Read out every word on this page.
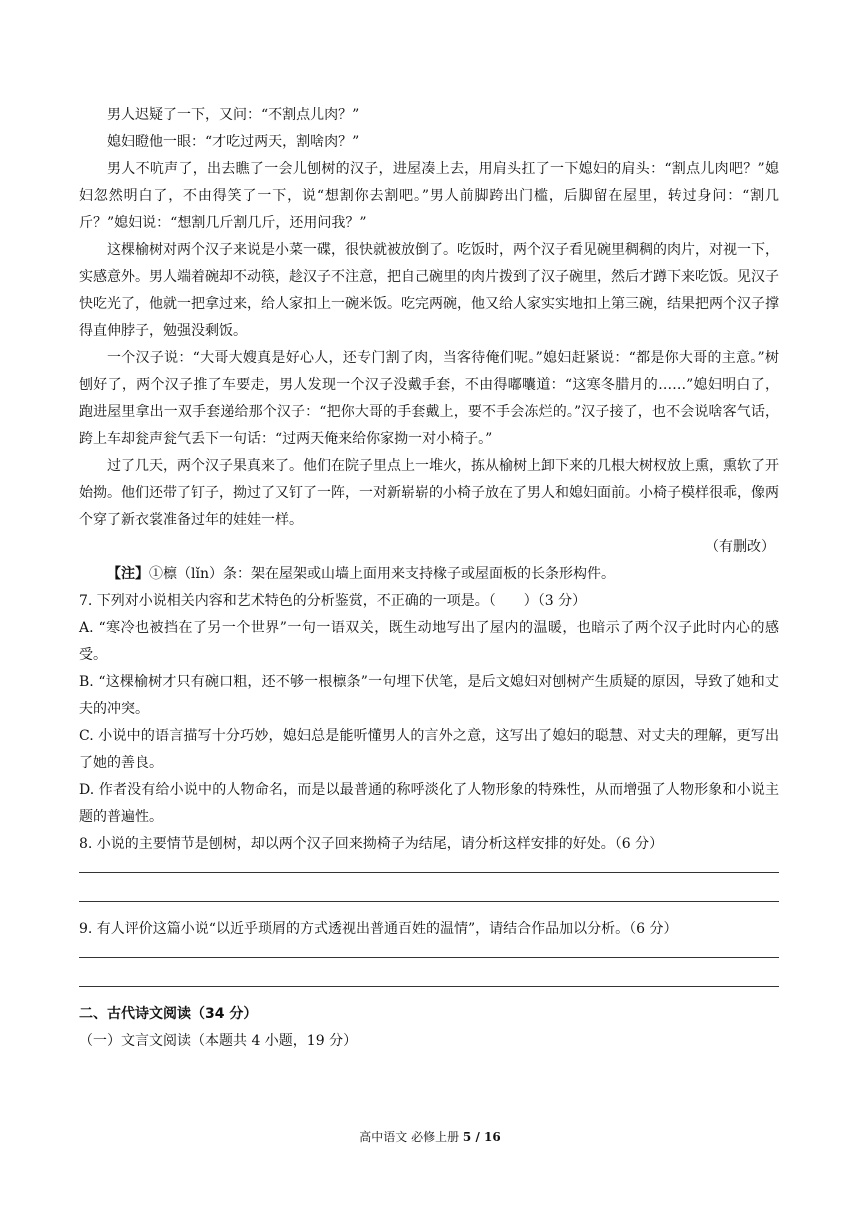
男人迟疑了一下，又问：“不割点儿肉？”

媳妇瞪他一眼：“才吃过两天，割啥肉？”

男人不吭声了，出去瞧了一会儿刨树的汉子，进屋凑上去，用肩头扛了一下媳妇的肩头：“割点儿肉吧？”媳妇忽然明白了，不由得笑了一下，说“想割你去割吧。”男人前脚跨出门槛，后脚留在屋里，转过身问：“割几斤？”媳妇说：“想割几斤割几斤，还用问我？”

这棵榆树对两个汉子来说是小菜一碟，很快就被放倒了。吃饭时，两个汉子看见碗里稠稠的肉片，对视一下，实感意外。男人端着碗却不动筷，趁汉子不注意，把自己碗里的肉片拨到了汉子碗里，然后才蹲下来吃饭。见汉子快吃光了，他就一把拿过来，给人家扣上一碗米饭。吃完两碗，他又给人家实实地扣上第三碗，结果把两个汉子撑得直伸脖子，勉强没剩饭。

一个汉子说：“大哥大嫂真是好心人，还专门割了肉，当客待俺们呢。”媳妇赶紧说：“都是你大哥的主意。”树刨好了，两个汉子推了车要走，男人发现一个汉子没戴手套，不由得嘟囔道：“这寒冬腊月的……”媳妇明白了，跑进屋里拿出一双手套递给那个汉子：“把你大哥的手套戴上，要不手会冻烂的。”汉子接了，也不会说啥客气话，跨上车却瓮声瓮气丢下一句话：“过两天俺来给你家拗一对小椅子。”

过了几天，两个汉子果真来了。他们在院子里点上一堆火，拣从榆树上卸下来的几根大树杈放上熏，熏软了开始拗。他们还带了钉子，拗过了又钉了一阵，一对新崭崭的小椅子放在了男人和媳妇面前。小椅子模样很乖，像两个穿了新衣裳准备过年的娃娃一样。

（有删改）

【注】①檩（lǐn）条：架在屋架或山墙上面用来支持椽子或屋面板的长条形构件。

7. 下列对小说相关内容和艺术特色的分析鉴赏，不正确的一项是。（　　）（3 分）

A. “寒冷也被挡在了另一个世界”一句一语双关，既生动地写出了屋内的温暖，也暗示了两个汉子此时内心的感受。

B. “这棵榆树才只有碗口粗，还不够一根檩条”一句埋下伏笔，是后文媳妇对刨树产生质疑的原因，导致了她和丈夫的冲突。

C. 小说中的语言描写十分巧妙，媳妇总是能听懂男人的言外之意，这写出了媳妇的聪慧、对丈夫的理解，更写出了她的善良。

D. 作者没有给小说中的人物命名，而是以最普通的称呼淡化了人物形象的特殊性，从而增强了人物形象和小说主题的普遍性。

8. 小说的主要情节是刨树，却以两个汉子回来拗椅子为结尾，请分析这样安排的好处。（6 分）

9. 有人评价这篇小说“以近乎琐屑的方式透视出普通百姓的温情”，请结合作品加以分析。（6 分）

二、古代诗文阅读（34 分）

（一）文言文阅读（本题共 4 小题，19 分）

高中语文 必修上册 5 / 16
